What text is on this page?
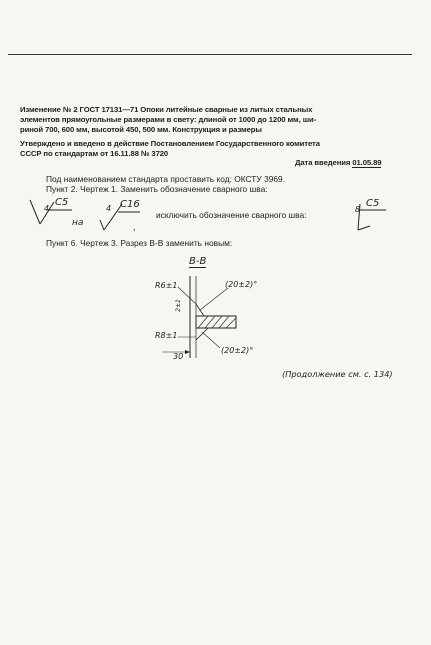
Изменение № 2 ГОСТ 17131—71 Опоки литейные сварные из литых стальных
элементов прямоугольные размерами в свету: длиной от 1000 до 1200 мм, ши-
риной 700, 600 мм, высотой 450, 500 мм. Конструкция и размеры
Утверждено и введено в действие Постановлением Государственного комитета
СССР по стандартам от 16.11.88 № 3720
Дата введения 01.05.89
Под наименованием стандарта проставить код: ОКСТУ 3969.
Пункт 2. Чертеж 1. Заменить обозначение сварного шва:
С5
4
на
С16
4
,
исключить обозначение сварного шва:
С5
8
Пункт 6. Чертеж 3. Разрез В-В заменить новым:
В-В
R6±1	(20±2)°
2±1
R8±1
(20±2)°
30
(Продолжение см. с. 134)
